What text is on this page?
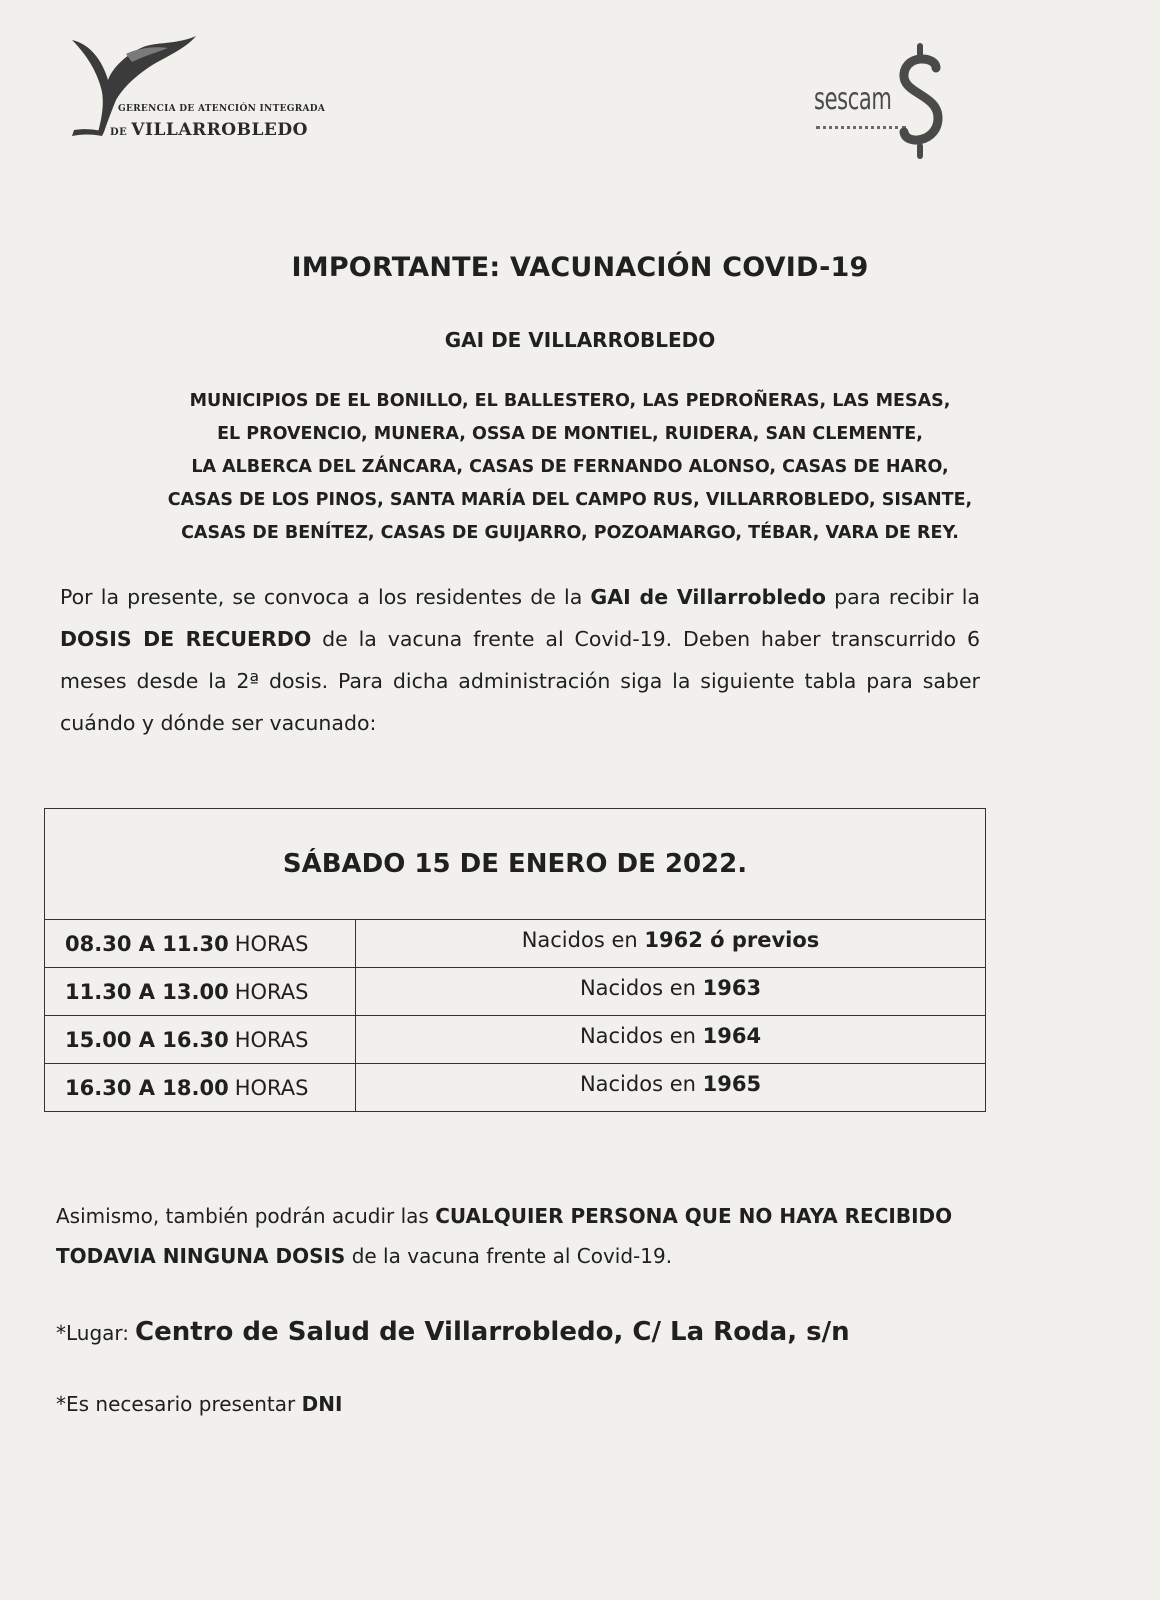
GERENCIA DE ATENCIÓN INTEGRADA
DE VILLARROBLEDO
sescam
IMPORTANTE: VACUNACIÓN COVID-19
GAI DE VILLARROBLEDO
MUNICIPIOS DE EL BONILLO, EL BALLESTERO, LAS PEDROÑERAS, LAS MESAS,
EL PROVENCIO, MUNERA, OSSA DE MONTIEL, RUIDERA, SAN CLEMENTE,
LA ALBERCA DEL ZÁNCARA, CASAS DE FERNANDO ALONSO, CASAS DE HARO,
CASAS DE LOS PINOS, SANTA MARÍA DEL CAMPO RUS, VILLARROBLEDO, SISANTE,
CASAS DE BENÍTEZ, CASAS DE GUIJARRO, POZOAMARGO, TÉBAR, VARA DE REY.
Por la presente, se convoca a los residentes de la GAI de Villarrobledo para recibir la DOSIS DE RECUERDO de la vacuna frente al Covid-19. Deben haber transcurrido 6 meses desde la 2ª dosis. Para dicha administración siga la siguiente tabla para saber cuándo y dónde ser vacunado:
SÁBADO 15 DE ENERO DE 2022.
08.30 A 11.30 HORAS	Nacidos en 1962 ó previos
11.30 A 13.00 HORAS	Nacidos en 1963
15.00 A 16.30 HORAS	Nacidos en 1964
16.30 A 18.00 HORAS	Nacidos en 1965
Asimismo, también podrán acudir las CUALQUIER PERSONA QUE NO HAYA RECIBIDO TODAVIA NINGUNA DOSIS de la vacuna frente al Covid-19.
*Lugar: Centro de Salud de Villarrobledo, C/ La Roda, s/n
*Es necesario presentar DNI
